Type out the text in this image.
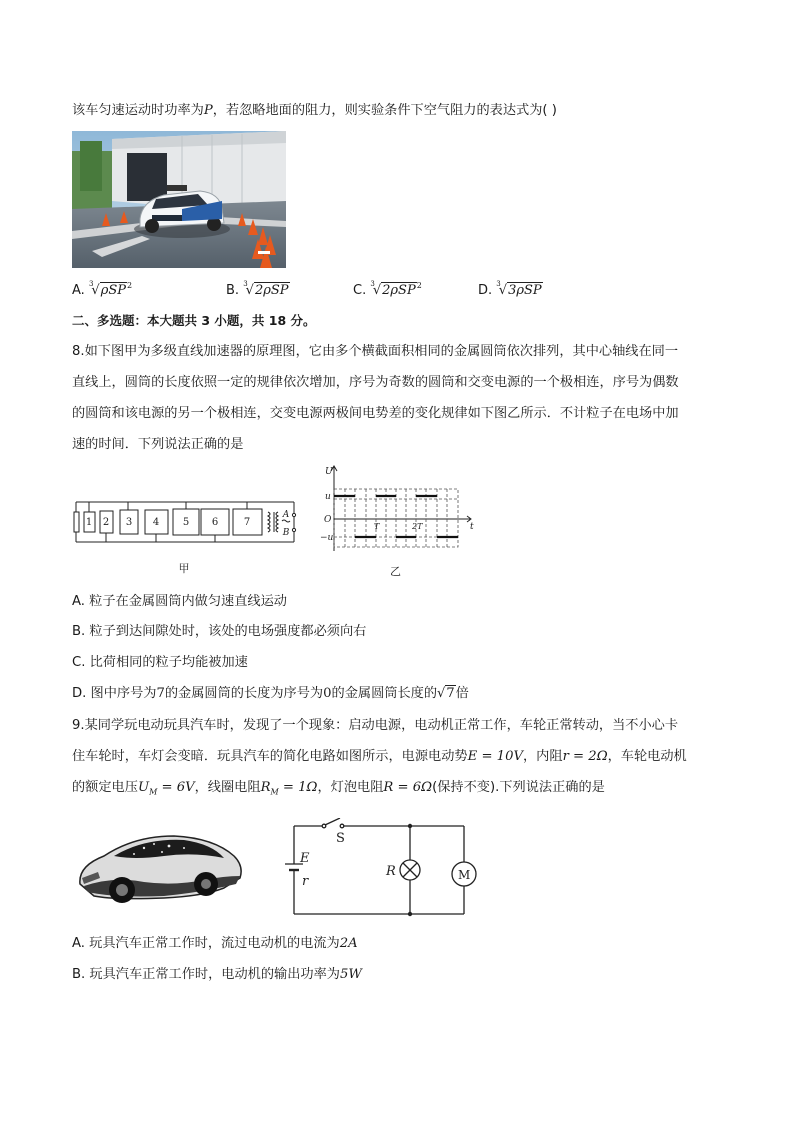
该车匀速运动时功率为P，若忽略地面的阻力，则实验条件下空气阻力的表达式为( )
A. $^3$√ρSP$^2$	B. $^3$√2ρSP	C. $^3$√2ρSP$^2$	D. $^3$√3ρSP
二、多选题：本大题共 3 小题，共 18 分。
8.如下图甲为多级直线加速器的原理图，它由多个横截面积相同的金属圆筒依次排列，其中心轴线在同一
直线上，圆筒的长度依照一定的规律依次增加，序号为奇数的圆筒和交变电源的一个极相连，序号为偶数
的圆筒和该电源的另一个极相连，交变电源两极间电势差的变化规律如下图乙所示．不计粒子在电场中加
速的时间．下列说法正确的是
1 2 3 4 5 6	7
A
B
甲
U
u
O
−u
t
T	2T
乙
A. 粒子在金属圆筒内做匀速直线运动
B. 粒子到达间隙处时，该处的电场强度都必须向右
C. 比荷相同的粒子均能被加速
D. 图中序号为7的金属圆筒的长度为序号为0的金属圆筒长度的√7倍
9.某同学玩电动玩具汽车时，发现了一个现象：启动电源，电动机正常工作，车轮正常转动，当不小心卡
住车轮时，车灯会变暗．玩具汽车的简化电路如图所示，电源电动势E = 10V，内阻r = 2Ω，车轮电动机
的额定电压$U_M = 6V$，线圈电阻$R_M = 1\Omega$，灯泡电阻R = 6Ω(保持不变).下列说法正确的是
S
E
r
R	M
A. 玩具汽车正常工作时，流过电动机的电流为2A
B. 玩具汽车正常工作时，电动机的输出功率为5W
